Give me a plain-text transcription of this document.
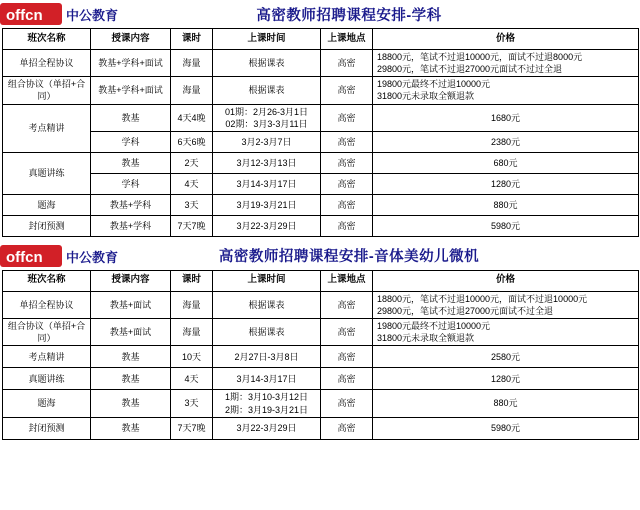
offcn 中公教育	高密教师招聘课程安排-学科
班次名称	授课内容	课时	上课时间	上课地点	价格
单招全程协议	教基+学科+面试	海量	根据课表	高密	18800元，笔试不过退10000元，面试不过退8000元
29800元，笔试不过退27000元面试不过过全退
组合协议（单招+合同）	教基+学科+面试	海量	根据课表	高密	19800元最终不过退10000元
31800元未录取全额退款
考点精讲	教基	4天4晚	01期：2月26-3月1日
02期：3月3-3月11日	高密	1680元
	学科	6天6晚	3月2-3月7日	高密	2380元
真题讲练	教基	2天	3月12-3月13日	高密	680元
	学科	4天	3月14-3月17日	高密	1280元
题海	教基+学科	3天	3月19-3月21日	高密	880元
封闭预测	教基+学科	7天7晚	3月22-3月29日	高密	5980元
offcn 中公教育	高密教师招聘课程安排-音体美幼儿微机
班次名称	授课内容	课时	上课时间	上课地点	价格
单招全程协议	教基+面试	海量	根据课表	高密	18800元，笔试不过退10000元，面试不过退10000元
29800元，笔试不过退27000元面试不过全退
组合协议（单招+合同）	教基+面试	海量	根据课表	高密	19800元最终不过退10000元
31800元未录取全额退款
考点精讲	教基	10天	2月27日-3月8日	高密	2580元
真题讲练	教基	4天	3月14-3月17日	高密	1280元
题海	教基	3天	1期：3月10-3月12日
2期：3月19-3月21日	高密	880元
封闭预测	教基	7天7晚	3月22-3月29日	高密	5980元
